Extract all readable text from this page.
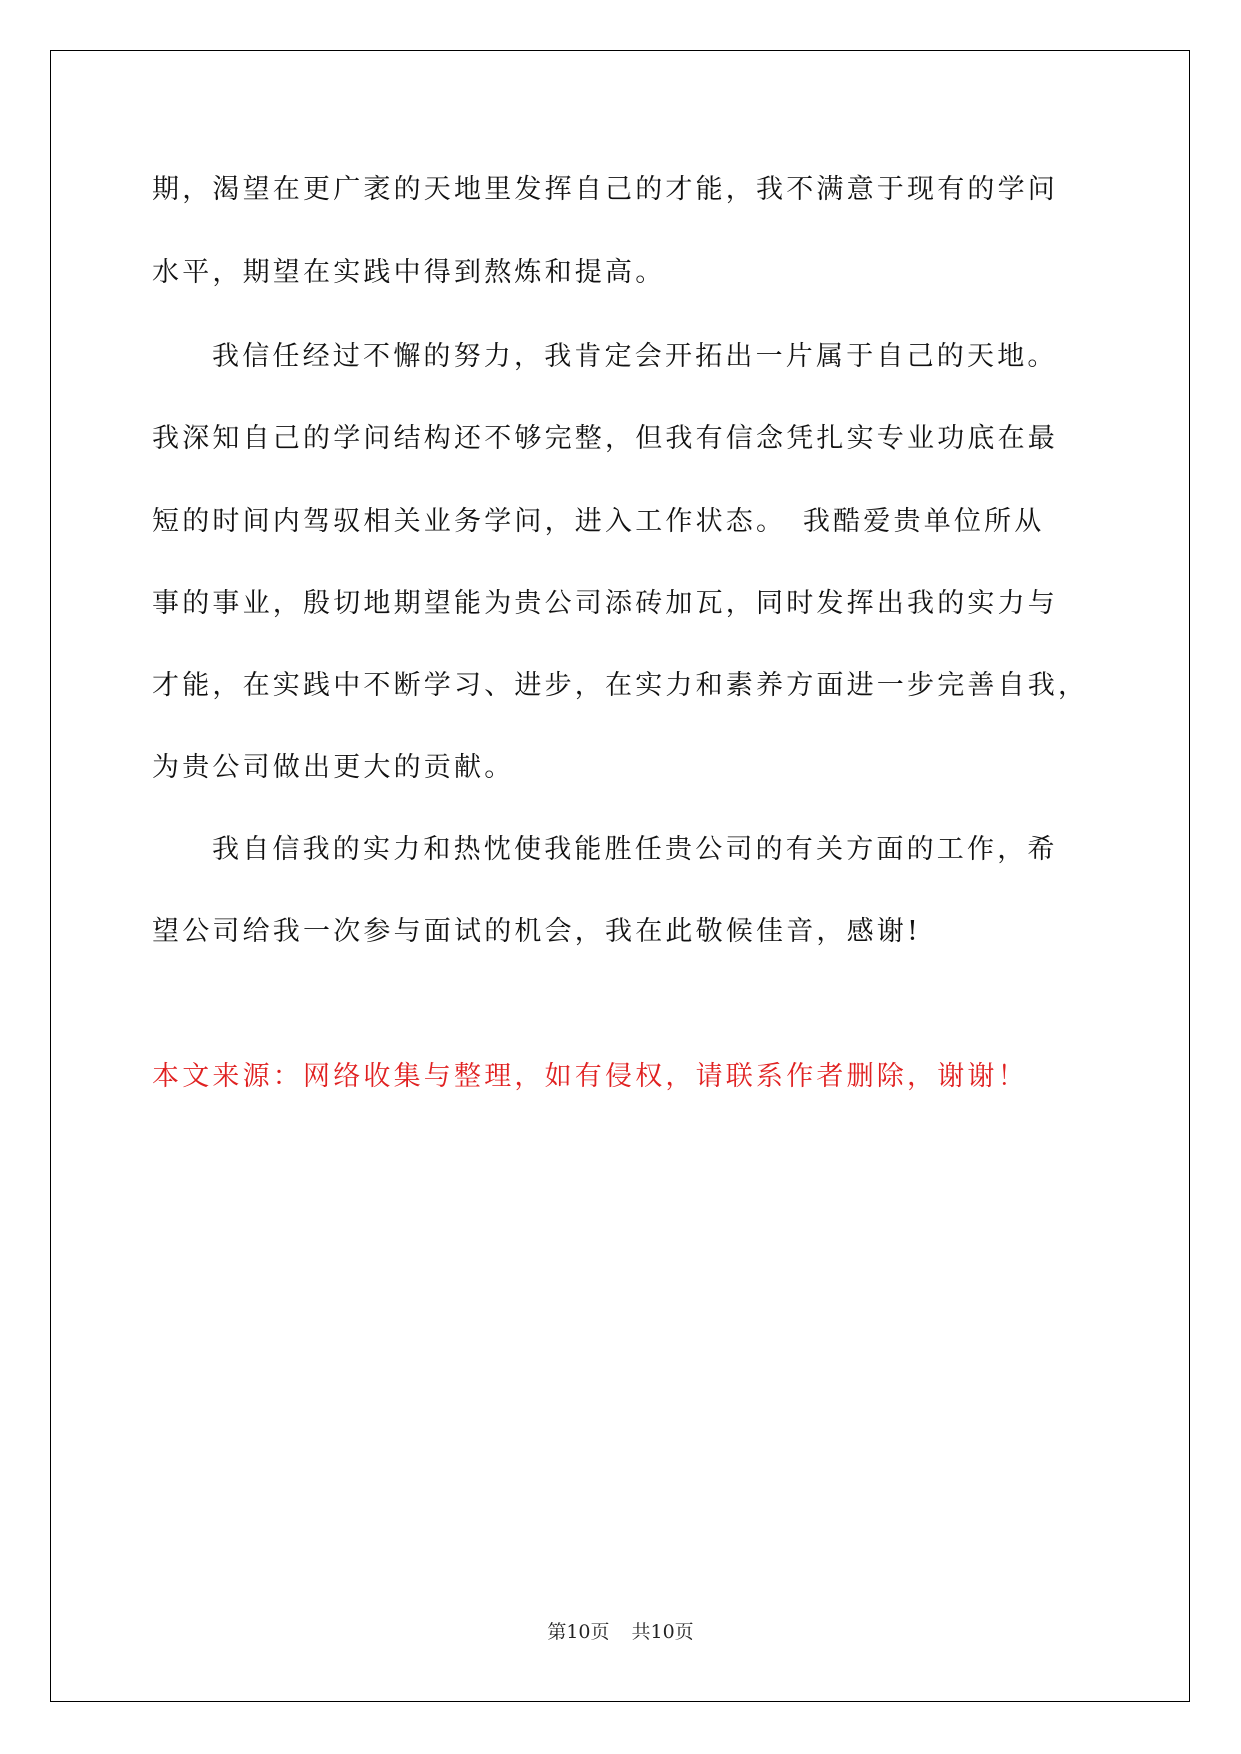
期，渴望在更广袤的天地里发挥自己的才能，我不满意于现有的学问
水平，期望在实践中得到熬炼和提高。
我信任经过不懈的努力，我肯定会开拓出一片属于自己的天地。
我深知自己的学问结构还不够完整，但我有信念凭扎实专业功底在最
短的时间内驾驭相关业务学问，进入工作状态。　我酷爱贵单位所从
事的事业，殷切地期望能为贵公司添砖加瓦，同时发挥出我的实力与
才能，在实践中不断学习、进步，在实力和素养方面进一步完善自我，
为贵公司做出更大的贡献。
我自信我的实力和热忱使我能胜任贵公司的有关方面的工作，希
望公司给我一次参与面试的机会，我在此敬候佳音，感谢!
本文来源：网络收集与整理，如有侵权，请联系作者删除，谢谢！
第10页 共10页
